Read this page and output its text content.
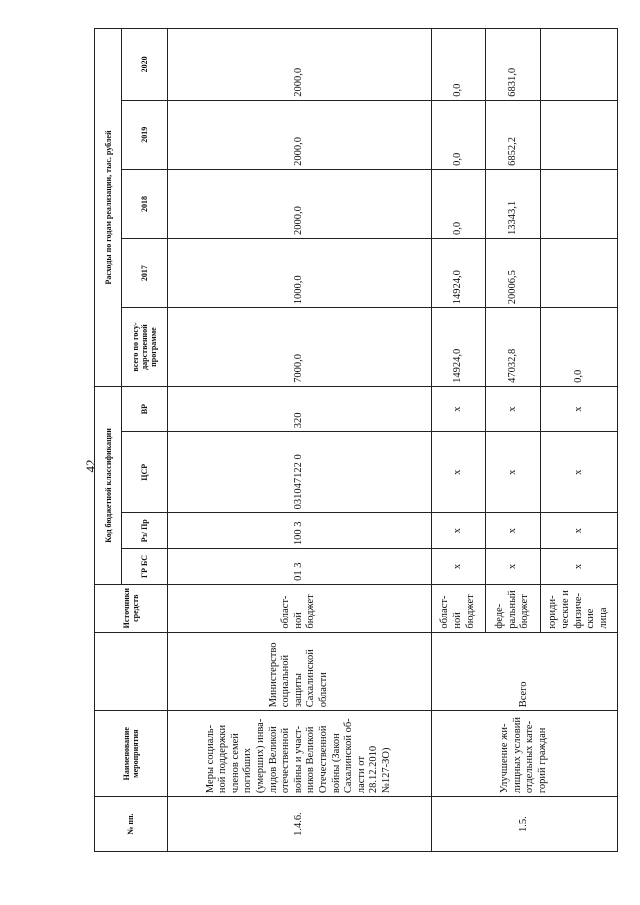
42
№ пп.	Наименование мероприятия		Источники средств	Код бюджетной классификации				Расходы по годам реализации, тыс. рублей				
				ГР БС	Рз/ Пр	ЦСР	ВР	всего по государственной программе	2017	2018	2019	2020

1.4.6.	Меры социальной поддержки членов семей погибших (умерших) инвалидов Великой отечественной войны и участников Великой Отечественной войны (Закон Сахалинской области от 28.12.2010 №127-ЗО)	Министерство социальной защиты Сахалинской области	областной бюджет	01 3	100 3	031047122 0	320	7000,0	1000,0	2000,0	2000,0	2000,0
1.5.	Улучшение жилищных условий отдельных категорий граждан	Всего	областной бюджет	х	х	х	х	14924,0	14924,0	0,0	0,0	0,0
			федеральный бюджет	х	х	х	х	47032,8	20006,5	13343,1	6852,2	6831,0
			юридические и физические лица	х	х	х	х	0,0				
